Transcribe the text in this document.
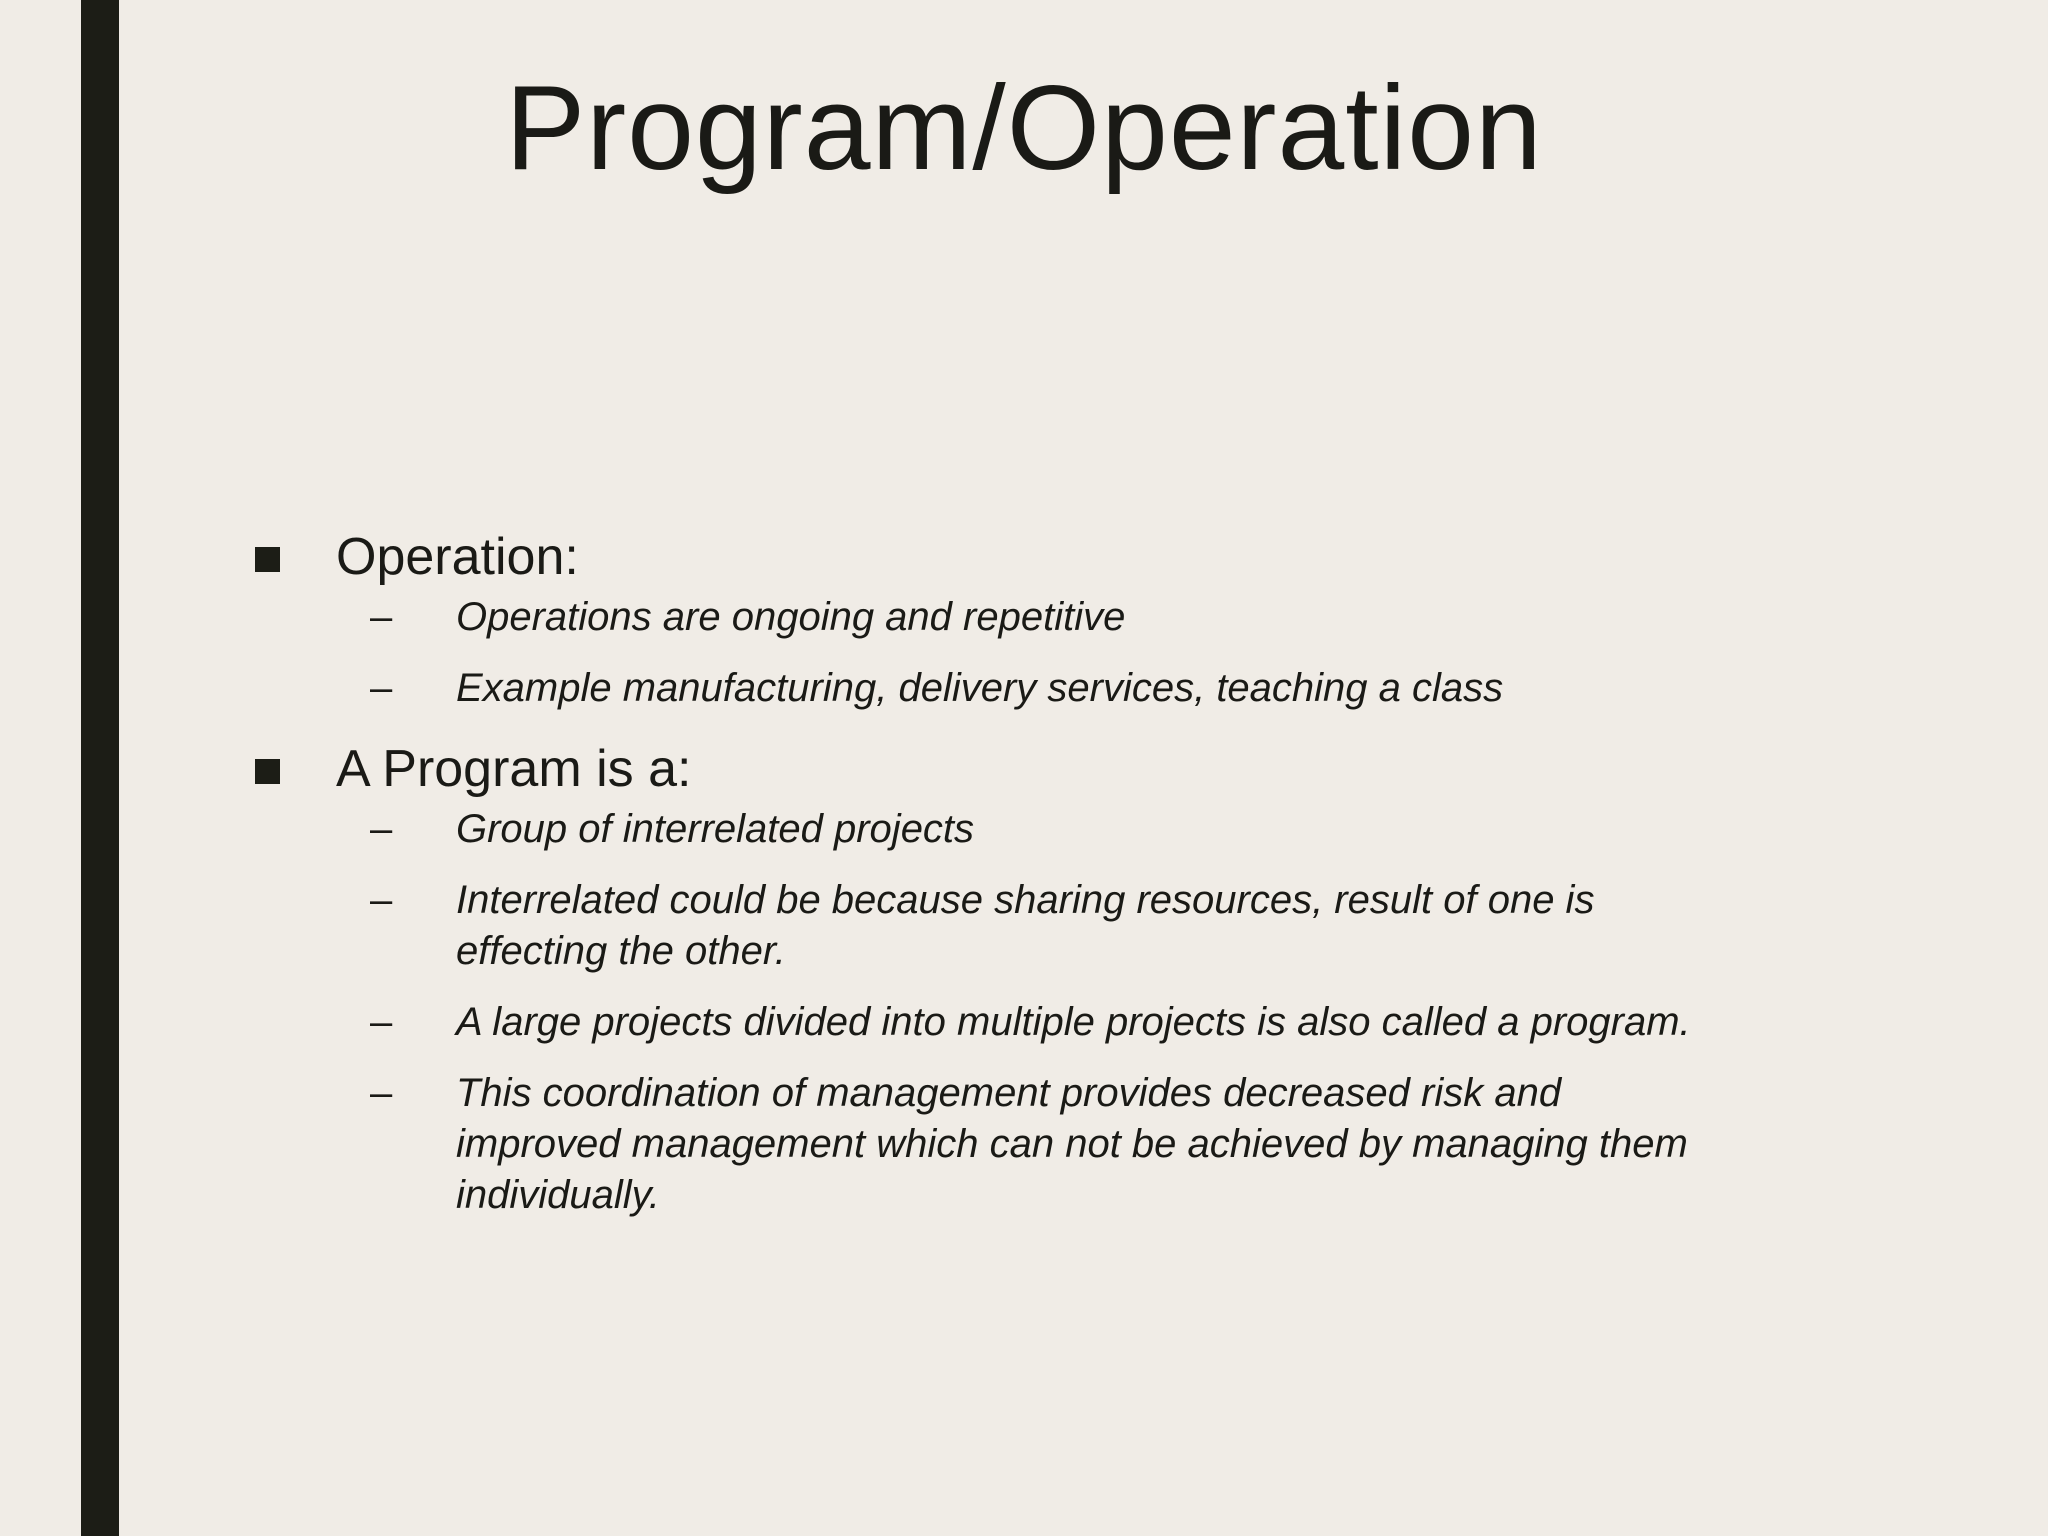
Program/Operation
Operation:
– Operations are ongoing and repetitive
– Example manufacturing, delivery services, teaching a class
A Program is a:
– Group of interrelated projects
– Interrelated could be because sharing resources, result of one is
effecting the other.
– A large projects divided into multiple projects is also called a program.
– This coordination of management provides decreased risk and
improved management which can not be achieved by managing them
individually.
